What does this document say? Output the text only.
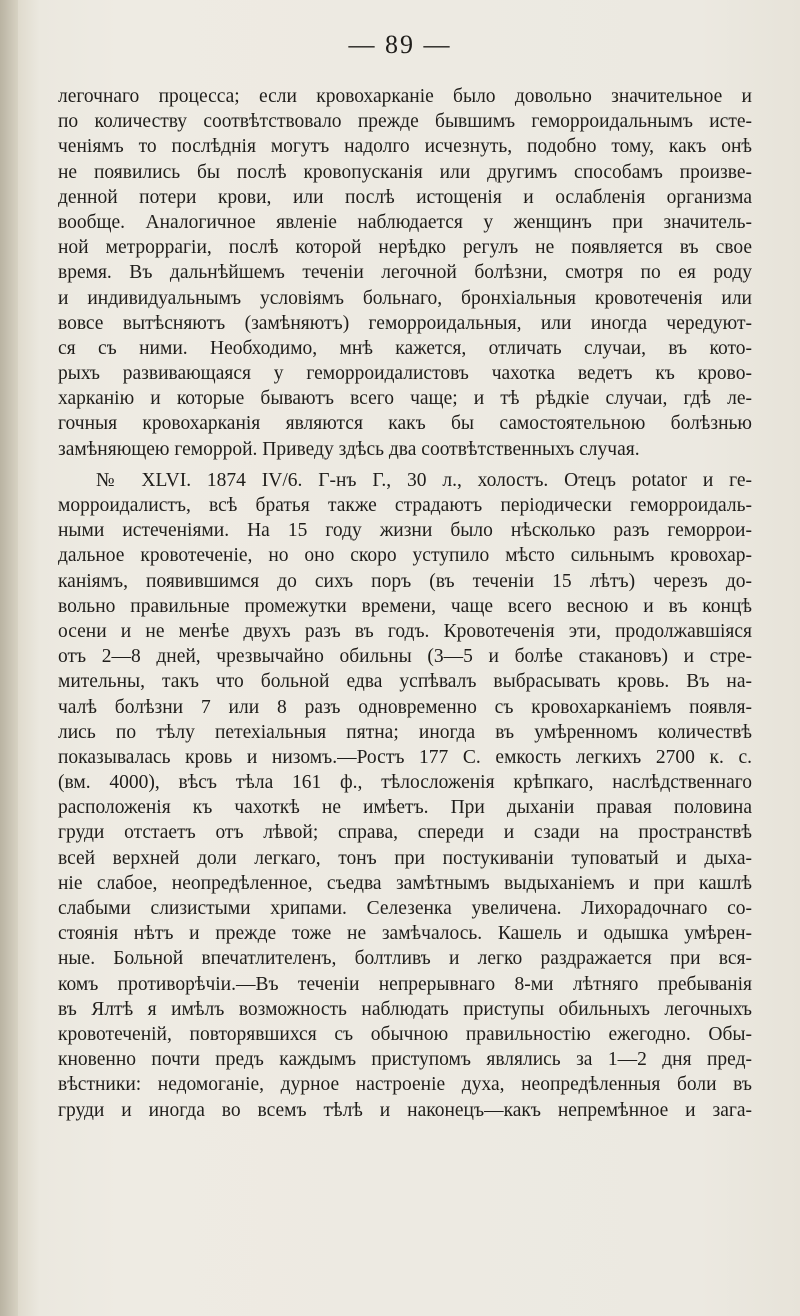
— 89 —
легочнаго процесса; если кровохарканіе было довольно значительное и
по количеству соотвѣтствовало прежде бывшимъ геморроидальнымъ исте-
ченіямъ то послѣднія могутъ надолго исчезнуть, подобно тому, какъ онѣ
не появились бы послѣ кровопусканія или другимъ способамъ произве-
денной потери крови, или послѣ истощенія и ослабленія организма
вообще. Аналогичное явленіе наблюдается у женщинъ при значитель-
ной метроррагіи, послѣ которой нерѣдко регулъ не появляется въ свое
время. Въ дальнѣйшемъ теченіи легочной болѣзни, смотря по ея роду
и индивидуальнымъ условіямъ больнаго, бронхіальныя кровотеченія или
вовсе вытѣсняютъ (замѣняютъ) геморроидальныя, или иногда чередуют-
ся съ ними. Необходимо, мнѣ кажется, отличать случаи, въ кото-
рыхъ развивающаяся у геморроидалистовъ чахотка ведетъ къ крово-
харканію и которые бываютъ всего чаще; и тѣ рѣдкіе случаи, гдѣ ле-
гочныя кровохарканія являются какъ бы самостоятельною болѣзнью
замѣняющею геморрой. Приведу здѣсь два соотвѣтственныхъ случая.
№ XLVI. 1874 IV/6. Г-нъ Г., 30 л., холостъ. Отецъ potator и ге-
морроидалистъ, всѣ братья также страдаютъ періодически геморроидаль-
ными истеченіями. На 15 году жизни было нѣсколько разъ геморрои-
дальное кровотеченіе, но оно скоро уступило мѣсто сильнымъ кровохар-
каніямъ, появившимся до сихъ поръ (въ теченіи 15 лѣтъ) черезъ до-
вольно правильные промежутки времени, чаще всего весною и въ концѣ
осени и не менѣе двухъ разъ въ годъ. Кровотеченія эти, продолжавшіяся
отъ 2—8 дней, чрезвычайно обильны (3—5 и болѣе стакановъ) и стре-
мительны, такъ что больной едва успѣвалъ выбрасывать кровь. Въ на-
чалѣ болѣзни 7 или 8 разъ одновременно съ кровохарканіемъ появля-
лись по тѣлу петехіальныя пятна; иногда въ умѣренномъ количествѣ
показывалась кровь и низомъ.—Ростъ 177 С. емкость легкихъ 2700 к. с.
(вм. 4000), вѣсъ тѣла 161 ф., тѣлосложенія крѣпкаго, наслѣдственнаго
расположенія къ чахоткѣ не имѣетъ. При дыханіи правая половина
груди отстаетъ отъ лѣвой; справа, спереди и сзади на пространствѣ
всей верхней доли легкаго, тонъ при постукиваніи туповатый и дыха-
ніе слабое, неопредѣленное, съедва замѣтнымъ выдыханіемъ и при кашлѣ
слабыми слизистыми хрипами. Селезенка увеличена. Лихорадочнаго со-
стоянія нѣтъ и прежде тоже не замѣчалось. Кашель и одышка умѣрен-
ные. Больной впечатлителенъ, болтливъ и легко раздражается при вся-
комъ противорѣчіи.—Въ теченіи непрерывнаго 8-ми лѣтняго пребыванія
въ Ялтѣ я имѣлъ возможность наблюдать приступы обильныхъ легочныхъ
кровотеченій, повторявшихся съ обычною правильностію ежегодно. Обы-
кновенно почти предъ каждымъ приступомъ являлись за 1—2 дня пред-
вѣстники: недомоганіе, дурное настроеніе духа, неопредѣленныя боли въ
груди и иногда во всемъ тѣлѣ и наконецъ—какъ непремѣнное и зага-
